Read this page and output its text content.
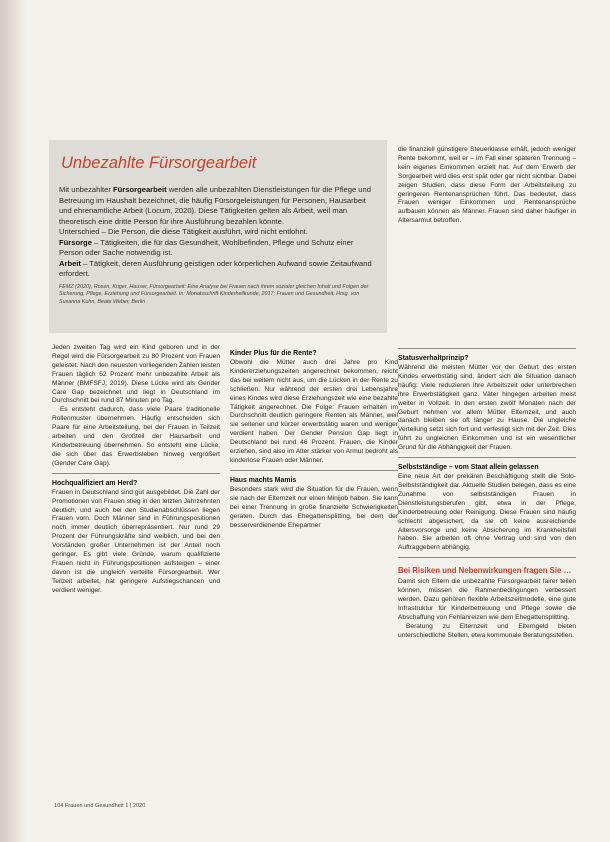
Unbezahlte Fürsorgearbeit

Mit unbezahlter Fürsorgearbeit werden alle unbezahlten Dienstleistungen für die Pflege und Betreuung im Haushalt bezeichnet, die häufig Fürsorgeleistungen für Personen, Hausarbeit und ehrenamtliche Arbeit (Locum, 2020). Diese Tätigkeiten gelten als Arbeit, weil man theoretisch eine dritte Person für ihre Ausführung bezahlen könnte.

Unterschied – Die Person, die diese Tätigkeit ausführt, wird nicht entlohnt.

Fürsorge – Tätigkeiten, die für das Gesundheit, Wohlbefinden, Pflege und Schutz einer Person oder Sache notwendig ist.

Arbeit – Tätigkeit, deren Ausführung geistigen oder körperlichen Aufwand sowie Zeitaufwand erfordert.

FEMZ (2020), Rosen, Kriger, Hauser, Fürsorgearbeit: Eine Analyse bei Frauen nach ihrem sozialer gleichen Inhalt und Folgen der Sicherung, Pflege, Erziehung und Fürsorgearbeit. In: Monatsschrift Kinderheilkunde, 2017; Frauen und Gesundheit, Hrsg. von Susanna Kuhn, Beate Weber, Berlin

die finanziell günstigere Steuerklasse erhält, jedoch weniger Rente bekommt, weil er – im Fall einer späteren Trennung – kein eigenes Einkommen erzielt hat. Auf dem Erwerb der Sorgearbeit wird dies erst spät oder gar nicht sichtbar. Dabei zeigen Studien, dass diese Form der Arbeitsteilung zu geringeren Rentenansprüchen führt. Das bedeutet, dass Frauen weniger Einkommen und Rentenansprüche aufbauen können als Männer. Frauen sind daher häufiger in Altersarmut betroffen.

Jeden zweiten Tag wird ein Kind geboren und in der Regel wird die Fürsorgearbeit zu 80 Prozent von Frauen geleistet. Nach den neuesten vorliegenden Zahlen leisten Frauen täglich 52 Prozent mehr unbezahlte Arbeit als Männer (BMFSFJ, 2019). Diese Lücke wird als Gender Care Gap bezeichnet und liegt in Deutschland im Durchschnitt bei rund 87 Minuten pro Tag.

Es entsteht dadurch, dass viele Paare traditionelle Rollenmuster übernehmen. Häufig entscheiden sich Paare für eine Arbeitsteilung, bei der Frauen in Teilzeit arbeiten und den Großteil der Hausarbeit und Kinderbetreuung übernehmen. So entsteht eine Lücke, die sich über das Erwerbsleben hinweg vergrößert (Gender Care Gap).

Hochqualifiziert am Herd?

Frauen in Deutschland sind gut ausgebildet. Die Zahl der Promotionen von Frauen stieg in den letzten Jahrzehnten deutlich, und auch bei den Studienabschlüssen liegen Frauen vorn. Doch Männer sind in Führungspositionen noch immer deutlich überrepräsentiert. Nur rund 29 Prozent der Führungskräfte sind weiblich, und bei den Vorständen großer Unternehmen ist der Anteil noch geringer. Es gibt viele Gründe, warum qualifizierte Frauen nicht in Führungspositionen aufsteigen – einer davon ist die ungleich verteilte Fürsorgearbeit. Wer Teilzeit arbeitet, hat geringere Aufstiegschancen und verdient weniger.

Kinder Plus für die Rente?

Obwohl die Mütter auch drei Jahre pro Kind Kindererziehungszeiten angerechnet bekommen, reicht das bei weitem nicht aus, um die Lücken in der Rente zu schließen. Nur während der ersten drei Lebensjahre eines Kindes wird diese Erziehungszeit wie eine bezahlte Tätigkeit angerechnet. Die Folge: Frauen erhalten im Durchschnitt deutlich geringere Renten als Männer, weil sie seltener und kürzer erwerbstätig waren und weniger verdient haben. Der Gender Pension Gap liegt in Deutschland bei rund 46 Prozent. Frauen, die Kinder erziehen, sind also im Alter stärker von Armut bedroht als kinderlose Frauen oder Männer.

Haus machts Mamis

Besonders stark wird die Situation für die Frauen, wenn sie nach der Elternzeit nur einen Minijob haben. Sie kann bei einer Trennung in große finanzielle Schwierigkeiten geraten. Durch das Ehegattensplitting, bei dem der besserverdienende Ehepartner

Statusverhaltprinzip?

Während die meisten Mütter vor der Geburt des ersten Kindes erwerbstätig sind, ändert sich die Situation danach häufig: Viele reduzieren ihre Arbeitszeit oder unterbrechen ihre Erwerbstätigkeit ganz. Väter hingegen arbeiten meist weiter in Vollzeit. In den ersten zwölf Monaten nach der Geburt nehmen vor allem Mütter Elternzeit, und auch danach bleiben sie oft länger zu Hause. Die ungleiche Verteilung setzt sich fort und verfestigt sich mit der Zeit. Dies führt zu ungleichen Einkommen und ist ein wesentlicher Grund für die Abhängigkeit der Frauen.

Selbstständige – vom Staat allein gelassen

Eine neue Art der prekären Beschäftigung stellt die Solo-Selbstständigkeit dar. Aktuelle Studien belegen, dass es eine Zunahme von selbstständigen Frauen in Dienstleistungsberufen gibt, etwa in der Pflege, Kinderbetreuung oder Reinigung. Diese Frauen sind häufig schlecht abgesichert, da sie oft keine ausreichende Altersvorsorge und keine Absicherung im Krankheitsfall haben. Sie arbeiten oft ohne Vertrag und sind von den Auftraggebern abhängig.

Bei Risiken und Nebenwirkungen fragen Sie …

Damit sich Eltern die unbezahlte Fürsorgearbeit fairer teilen können, müssen die Rahmenbedingungen verbessert werden. Dazu gehören flexible Arbeitszeitmodelle, eine gute Infrastruktur für Kinderbetreuung und Pflege sowie die Abschaffung von Fehlanreizen wie dem Ehegattensplitting.

Beratung zu Elternzeit und Elterngeld bieten unterschiedliche Stellen, etwa kommunale Beratungsstellen.

104 Frauen und Gesundheit 1 | 2020
